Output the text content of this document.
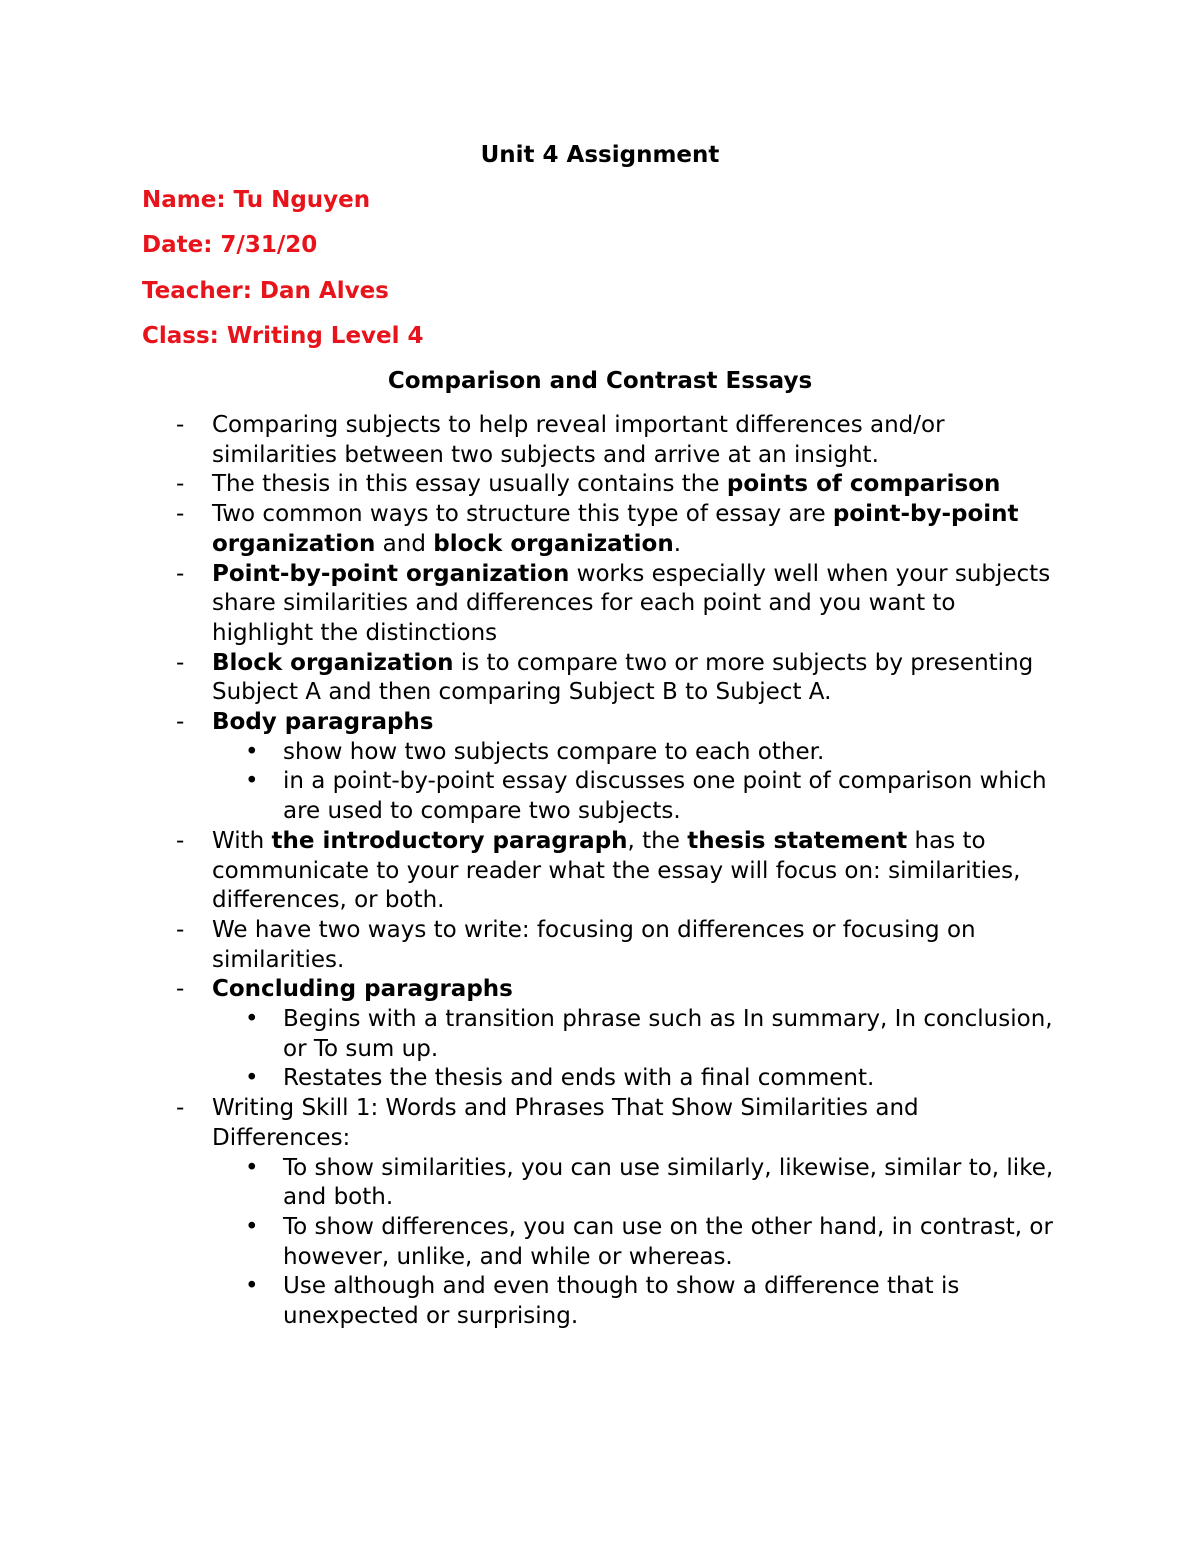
Unit 4 Assignment
Name: Tu Nguyen
Date: 7/31/20
Teacher: Dan Alves
Class: Writing Level 4
Comparison and Contrast Essays
- Comparing subjects to help reveal important differences and/or similarities between two subjects and arrive at an insight.
- The thesis in this essay usually contains the points of comparison
- Two common ways to structure this type of essay are point-by-point organization and block organization.
- Point-by-point organization works especially well when your subjects share similarities and differences for each point and you want to highlight the distinctions
- Block organization is to compare two or more subjects by presenting Subject A and then comparing Subject B to Subject A.
- Body paragraphs
• show how two subjects compare to each other.
• in a point-by-point essay discusses one point of comparison which are used to compare two subjects.
- With the introductory paragraph, the thesis statement has to communicate to your reader what the essay will focus on: similarities, differences, or both.
- We have two ways to write: focusing on differences or focusing on similarities.
- Concluding paragraphs
• Begins with a transition phrase such as In summary, In conclusion, or To sum up.
• Restates the thesis and ends with a final comment.
- Writing Skill 1: Words and Phrases That Show Similarities and Differences:
• To show similarities, you can use similarly, likewise, similar to, like, and both.
• To show differences, you can use on the other hand, in contrast, or however, unlike, and while or whereas.
• Use although and even though to show a difference that is unexpected or surprising.
